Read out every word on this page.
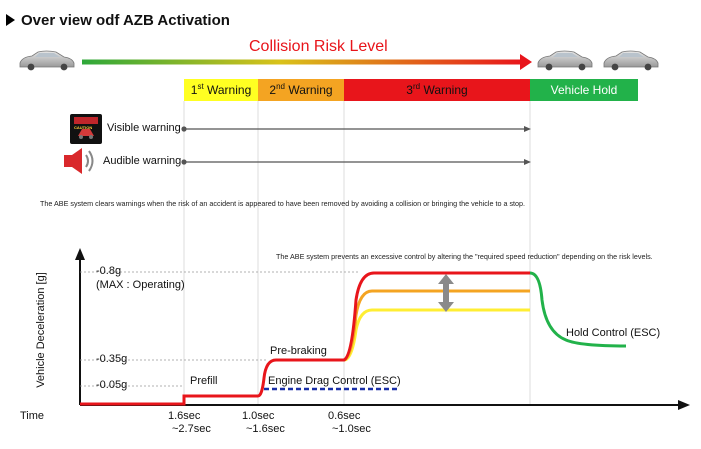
Over view odf AZB Activation
Collision Risk Level
1st Warning	2nd Warning	3rd Warning	Vehicle Hold
Visible warning
Audible warning
CAUTION
The ABE system clears warnings when the risk of an accident is appeared to have been removed by avoiding a collision or bringing the vehicle to a stop.
The ABE system prevents an excessive control by altering the "required speed reduction" depending on the risk levels.
Vehicle Deceleration [g]
-0.8g
(MAX : Operating)
-0.35g
-0.05g	Prefill
Pre-braking
Engine Drag Control (ESC)
Hold Control (ESC)
Time	1.6sec
~2.7sec
1.0sec
~1.6sec
0.6sec
~1.0sec
